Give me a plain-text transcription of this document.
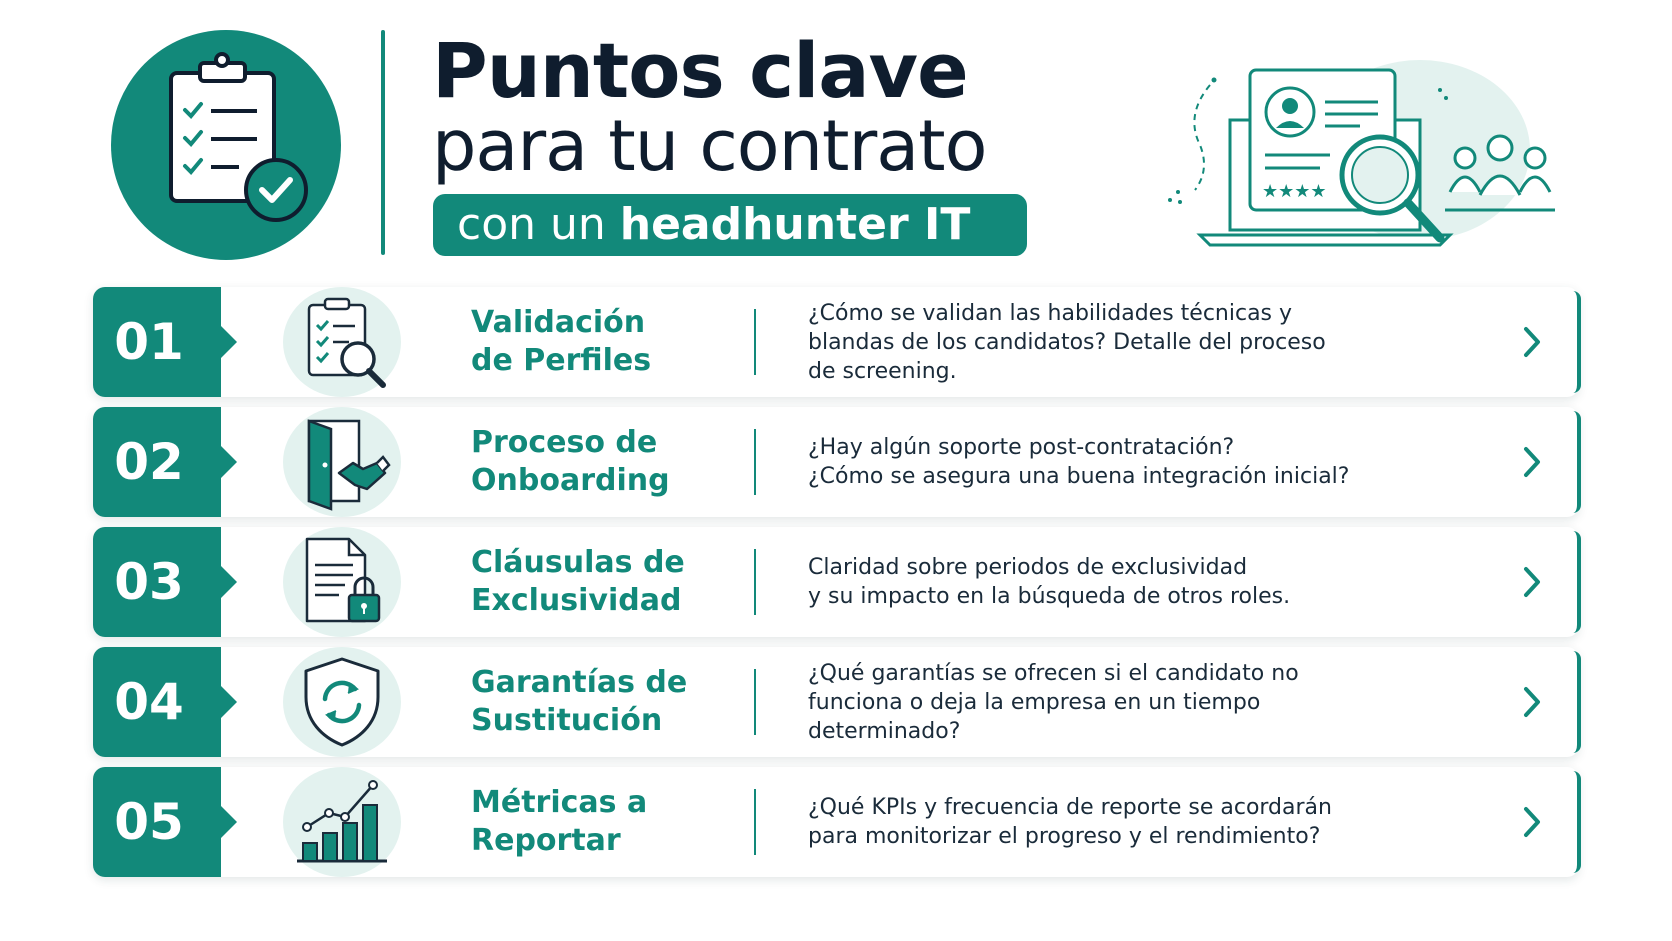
Puntos clave
para tu contrato
con un headhunter IT
★★★★
01	Validación
de Perfiles
¿Cómo se validan las habilidades técnicas y
blandas de los candidatos? Detalle del proceso
de screening.
02	Proceso de
Onboarding
¿Hay algún soporte post-contratación?
¿Cómo se asegura una buena integración inicial?
03	Cláusulas de
Exclusividad
Claridad sobre periodos de exclusividad
y su impacto en la búsqueda de otros roles.
04	Garantías de
Sustitución
¿Qué garantías se ofrecen si el candidato no
funciona o deja la empresa en un tiempo
determinado?
05	Métricas a
Reportar
¿Qué KPIs y frecuencia de reporte se acordarán
para monitorizar el progreso y el rendimiento?
